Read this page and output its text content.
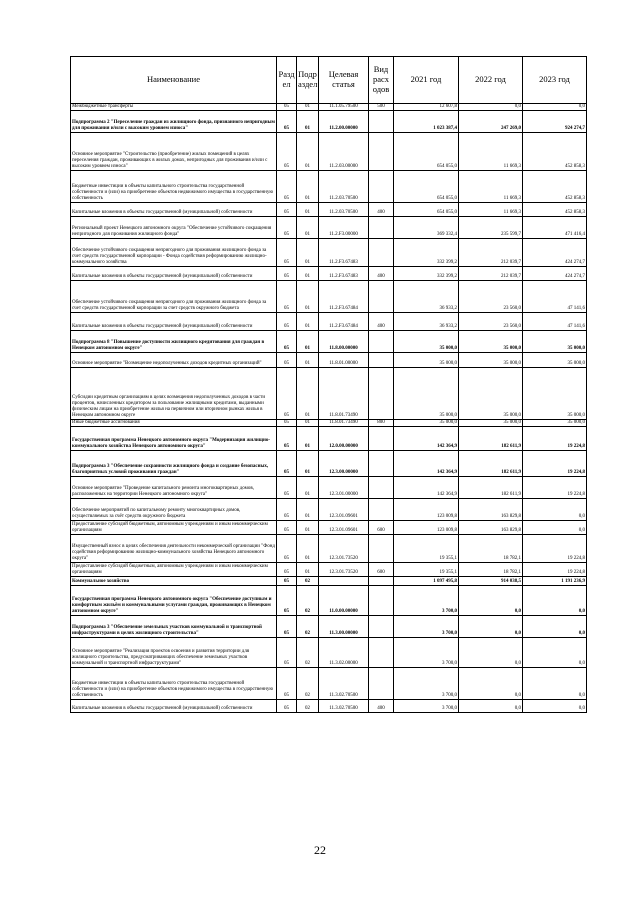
Наименование	Разд ел	Подр аздел	Целевая статья	Вид расх одов	2021 год	2022 год	2023 год
Межбюджетные трансферты	05	01	11.1.05.79500	500	12 607,8	0,0	0,0
Подпрограмма 2 "Переселение граждан из жилищного фонда, признанного непригодным для проживания и/или с высоким уровнем износа"	05	01	11.2.00.00000		1 023 387,4	247 269,0	924 274,7
Основное мероприятие "Строительство (приобретение) жилых помещений в целях переселения граждан, проживающих в жилых домах, непригодных для проживания и/или с высоким уровнем износа"	05	01	11.2.03.00000		654 055,0	11 669,3	452 858,3
Бюджетные инвестиции в объекты капитального строительства государственной собственности и (или) на приобретение объектов недвижимого имущества в государственную собственность	05	01	11.2.03.70500		654 055,0	11 669,3	452 858,3
Капитальные вложения в объекты государственной (муниципальной) собственности	05	01	11.2.03.70500	400	654 055,0	11 669,3	452 858,3
Региональный проект Ненецкого автономного округа "Обеспечение устойчивого сокращения непригодного для проживания жилищного фонда"	05	01	11.2.F3.00000		369 332,4	235 599,7	471 416,4
Обеспечение устойчивого сокращения непригодного для проживания жилищного фонда за счет средств государственной корпорации - Фонда содействия реформированию жилищно-коммунального хозяйства	05	01	11.2.F3.67483		332 399,2	212 039,7	424 274,7
Капитальные вложения в объекты государственной (муниципальной) собственности	05	01	11.2.F3.67483	400	332 399,2	212 039,7	424 274,7
Обеспечение устойчивого сокращения непригодного для проживания жилищного фонда за счет средств государственной корпорации за счет средств окружного бюджета	05	01	11.2.F3.67484		36 933,2	23 560,0	47 141,6
Капитальные вложения в объекты государственной (муниципальной) собственности	05	01	11.2.F3.67484	400	36 933,2	23 560,0	47 141,6
Подпрограмма 8 "Повышение доступности жилищного кредитования для граждан в Ненецком автономном округе"	05	01	11.8.00.00000		35 000,0	35 000,0	35 000,0
Основное мероприятие "Возмещение недополученных доходов кредитных организаций"	05	01	11.8.01.00000		35 000,0	35 000,0	35 000,0
Субсидии кредитным организациям в целях возмещения недополученных доходов в части процентов, начисленных кредитором за пользование жилищными кредитами, выданными физическим лицам на приобретение жилья на первичном или вторичном рынках жилья в Ненецком автономном округе	05	01	11.8.01.73490		35 000,0	35 000,0	35 000,0
Иные бюджетные ассигнования	05	01	11.8.01.73490	800	35 000,0	35 000,0	35 000,0
Государственная программа Ненецкого автономного округа "Модернизация жилищно-коммунального хозяйства Ненецкого автономного округа"	05	01	12.0.00.00000		142 364,9	182 611,9	19 224,8
Подпрограмма 3 "Обеспечение сохранности жилищного фонда и создание безопасных, благоприятных условий проживания граждан"	05	01	12.3.00.00000		142 364,9	182 611,9	19 224,8
Основное мероприятие "Проведение капитального ремонта многоквартирных домов, расположенных на территории Ненецкого автономного округа"	05	01	12.3.01.00000		142 364,9	182 611,9	19 224,8
Обеспечение мероприятий по капитальному ремонту многоквартирных домов, осуществляемых за счёт средств окружного бюджета	05	01	12.3.01.09601		123 009,8	163 829,8	0,0
Предоставление субсидий бюджетным, автономным учреждениям и иным некоммерческим организациям	05	01	12.3.01.09601	600	123 009,8	163 829,8	0,0
Имущественный взнос в целях обеспечения деятельности некоммерческой организации "Фонд содействия реформированию жилищно-коммунального хозяйства Ненецкого автономного округа"	05	01	12.3.01.73520		19 355,1	18 782,1	19 224,8
Предоставление субсидий бюджетным, автономным учреждениям и иным некоммерческим организациям	05	01	12.3.01.73520	600	19 355,1	18 782,1	19 224,8
Коммунальное хозяйство	05	02			1 097 495,8	914 038,5	1 191 236,9
Государственная программа Ненецкого автономного округа "Обеспечение доступным и комфортным жильём и коммунальными услугами граждан, проживающих в Ненецком автономном округе"	05	02	11.0.00.00000		3 700,0	0,0	0,0
Подпрограмма 3 "Обеспечение земельных участков коммунальной и транспортной инфраструктурами в целях жилищного строительства"	05	02	11.3.00.00000		3 700,0	0,0	0,0
Основное мероприятие "Реализация проектов освоения и развития территории для жилищного строительства, предусматривающих обеспечение земельных участков коммунальной и транспортной инфраструктурами"	05	02	11.3.02.00000		3 700,0	0,0	0,0
Бюджетные инвестиции в объекты капитального строительства государственной собственности и (или) на приобретение объектов недвижимого имущества в государственную собственность	05	02	11.3.02.70500		3 700,0	0,0	0,0
Капитальные вложения в объекты государственной (муниципальной) собственности	05	02	11.3.02.70500	400	3 700,0	0,0	0,0
22
